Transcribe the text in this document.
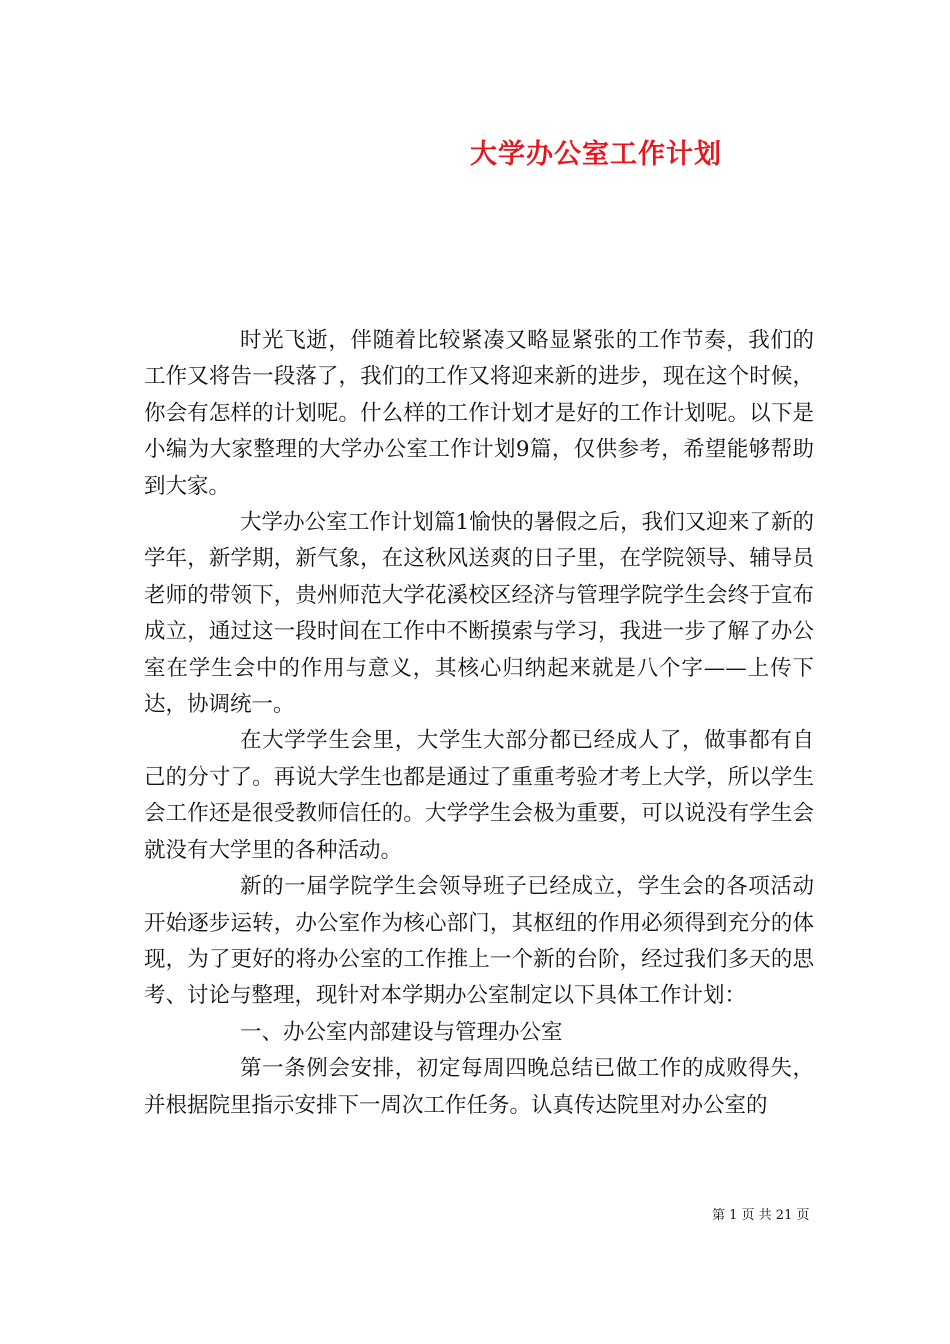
大学办公室工作计划

时光飞逝，伴随着比较紧凑又略显紧张的工作节奏，我们的工作又将告一段落了，我们的工作又将迎来新的进步，现在这个时候，你会有怎样的计划呢。什么样的工作计划才是好的工作计划呢。以下是小编为大家整理的大学办公室工作计划9篇，仅供参考，希望能够帮助到大家。

大学办公室工作计划篇1愉快的暑假之后，我们又迎来了新的学年，新学期，新气象，在这秋风送爽的日子里，在学院领导、辅导员老师的带领下，贵州师范大学花溪校区经济与管理学院学生会终于宣布成立，通过这一段时间在工作中不断摸索与学习，我进一步了解了办公室在学生会中的作用与意义，其核心归纳起来就是八个字——上传下达，协调统一。

在大学学生会里，大学生大部分都已经成人了，做事都有自己的分寸了。再说大学生也都是通过了重重考验才考上大学，所以学生会工作还是很受教师信任的。大学学生会极为重要，可以说没有学生会就没有大学里的各种活动。

新的一届学院学生会领导班子已经成立，学生会的各项活动开始逐步运转，办公室作为核心部门，其枢纽的作用必须得到充分的体现，为了更好的将办公室的工作推上一个新的台阶，经过我们多天的思考、讨论与整理，现针对本学期办公室制定以下具体工作计划：

一、办公室内部建设与管理办公室

第一条例会安排，初定每周四晚总结已做工作的成败得失，并根据院里指示安排下一周次工作任务。认真传达院里对办公室的

第 1 页 共 21 页
